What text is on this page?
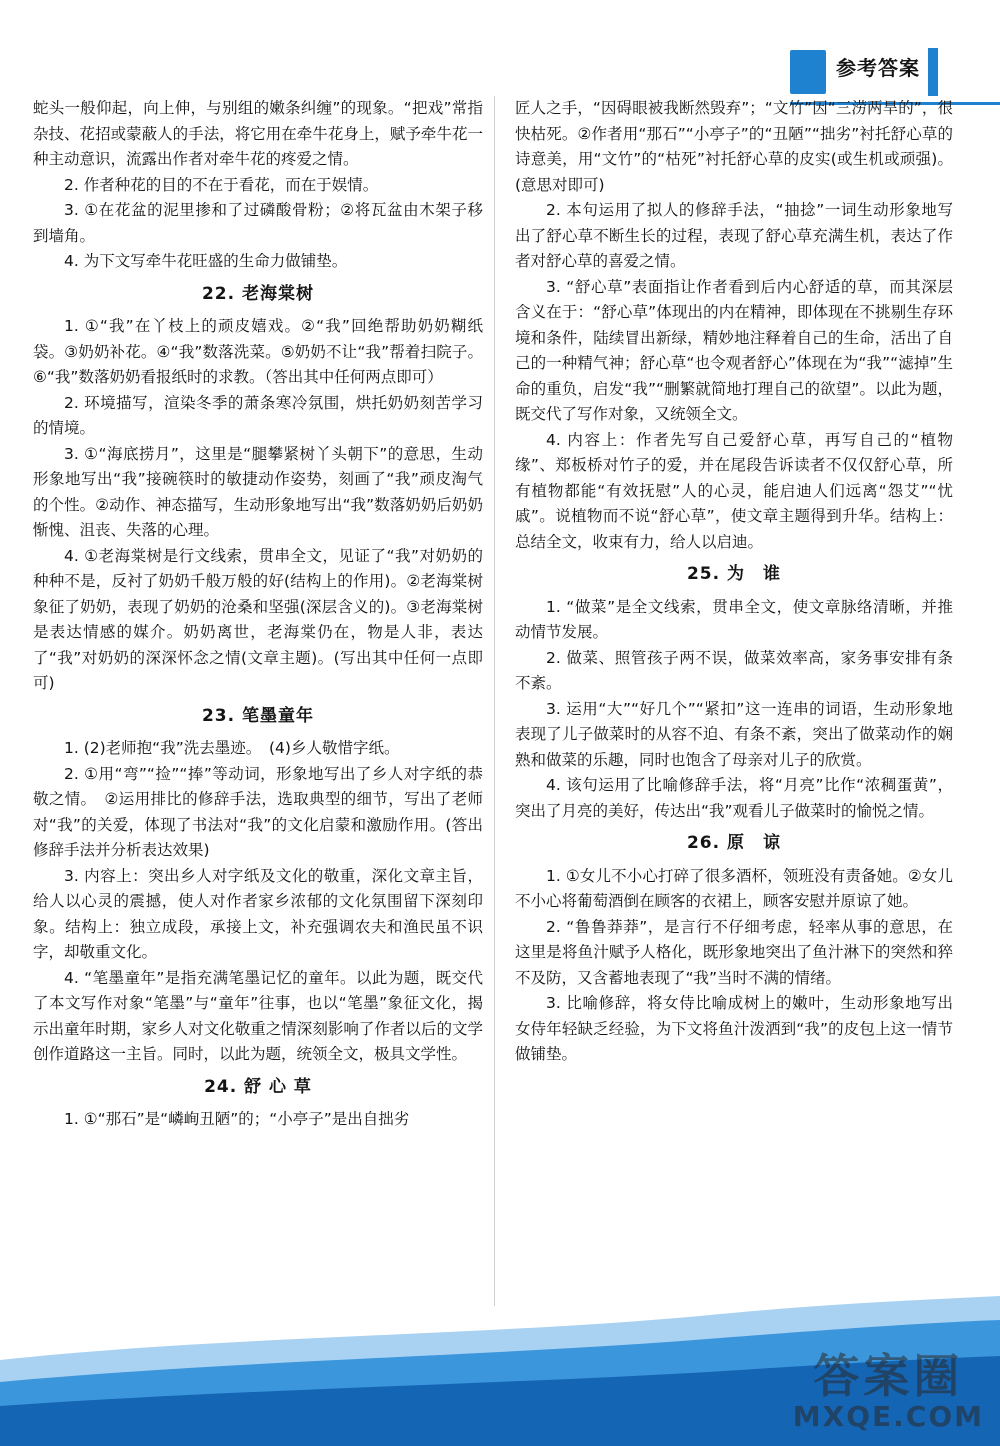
参考答案

蛇头一般仰起，向上伸，与别组的嫩条纠缠”的现象。“把戏”常指杂技、花招或蒙蔽人的手法，将它用在牵牛花身上，赋予牵牛花一种主动意识，流露出作者对牵牛花的疼爱之情。

2. 作者种花的目的不在于看花，而在于娱情。

3. ①在花盆的泥里掺和了过磷酸骨粉；②将瓦盆由木架子移到墙角。

4. 为下文写牵牛花旺盛的生命力做铺垫。

22. 老海棠树

1. ①“我”在丫枝上的顽皮嬉戏。②“我”回绝帮助奶奶糊纸袋。③奶奶补花。④“我”数落洗菜。⑤奶奶不让“我”帮着扫院子。⑥“我”数落奶奶看报纸时的求教。（答出其中任何两点即可）

2. 环境描写，渲染冬季的萧条寒冷氛围，烘托奶奶刻苦学习的情境。

3. ①“海底捞月”，这里是“腿攀紧树丫头朝下”的意思，生动形象地写出“我”接碗筷时的敏捷动作姿势，刻画了“我”顽皮淘气的个性。②动作、神态描写，生动形象地写出“我”数落奶奶后奶奶惭愧、沮丧、失落的心理。

4. ①老海棠树是行文线索，贯串全文，见证了“我”对奶奶的种种不是，反衬了奶奶千般万般的好(结构上的作用)。②老海棠树象征了奶奶，表现了奶奶的沧桑和坚强(深层含义的)。③老海棠树是表达情感的媒介。奶奶离世，老海棠仍在，物是人非，表达了“我”对奶奶的深深怀念之情(文章主题)。(写出其中任何一点即可)

23. 笔墨童年

1. (2)老师抱“我”洗去墨迹。　(4)乡人敬惜字纸。

2. ①用“弯”“捡”“捧”等动词，形象地写出了乡人对字纸的恭敬之情。　②运用排比的修辞手法，选取典型的细节，写出了老师对“我”的关爱，体现了书法对“我”的文化启蒙和激励作用。(答出修辞手法并分析表达效果)

3. 内容上：突出乡人对字纸及文化的敬重，深化文章主旨，给人以心灵的震撼，使人对作者家乡浓郁的文化氛围留下深刻印象。结构上：独立成段，承接上文，补充强调农夫和渔民虽不识字，却敬重文化。

4. “笔墨童年”是指充满笔墨记忆的童年。以此为题，既交代了本文写作对象“笔墨”与“童年”往事，也以“笔墨”象征文化，揭示出童年时期，家乡人对文化敬重之情深刻影响了作者以后的文学创作道路这一主旨。同时，以此为题，统领全文，极具文学性。

24. 舒 心 草

1. ①“那石”是“嶙峋丑陋”的；“小亭子”是出自拙劣

匠人之手，“因碍眼被我断然毁弃”；“文竹”因“三涝两旱的”，很快枯死。②作者用“那石”“小亭子”的“丑陋”“拙劣”衬托舒心草的诗意美，用“文竹”的“枯死”衬托舒心草的皮实(或生机或顽强)。(意思对即可)

2. 本句运用了拟人的修辞手法，“抽捻”一词生动形象地写出了舒心草不断生长的过程，表现了舒心草充满生机，表达了作者对舒心草的喜爱之情。

3. “舒心草”表面指让作者看到后内心舒适的草，而其深层含义在于：“舒心草”体现出的内在精神，即体现在不挑剔生存环境和条件，陆续冒出新绿，精妙地注释着自己的生命，活出了自己的一种精气神；舒心草“也令观者舒心”体现在为“我”“滤掉”生命的重负，启发“我”“删繁就简地打理自己的欲望”。以此为题，既交代了写作对象，又统领全文。

4. 内容上：作者先写自己爱舒心草，再写自己的“植物缘”、郑板桥对竹子的爱，并在尾段告诉读者不仅仅舒心草，所有植物都能“有效抚慰”人的心灵，能启迪人们远离“怨艾”“忧戚”。说植物而不说“舒心草”，使文章主题得到升华。结构上：总结全文，收束有力，给人以启迪。

25. 为　谁

1. “做菜”是全文线索，贯串全文，使文章脉络清晰，并推动情节发展。

2. 做菜、照管孩子两不误，做菜效率高，家务事安排有条不紊。

3. 运用“大”“好几个”“紧扣”这一连串的词语，生动形象地表现了儿子做菜时的从容不迫、有条不紊，突出了做菜动作的娴熟和做菜的乐趣，同时也饱含了母亲对儿子的欣赏。

4. 该句运用了比喻修辞手法，将“月亮”比作“浓稠蛋黄”，突出了月亮的美好，传达出“我”观看儿子做菜时的愉悦之情。

26. 原　谅

1. ①女儿不小心打碎了很多酒杯，领班没有责备她。②女儿不小心将葡萄酒倒在顾客的衣裙上，顾客安慰并原谅了她。

2. “鲁鲁莽莽”，是言行不仔细考虑，轻率从事的意思，在这里是将鱼汁赋予人格化，既形象地突出了鱼汁淋下的突然和猝不及防，又含蓄地表现了“我”当时不满的情绪。

3. 比喻修辞，将女侍比喻成树上的嫩叶，生动形象地写出女侍年轻缺乏经验，为下文将鱼汁泼洒到“我”的皮包上这一情节做铺垫。

答案圈
MXQE.COM
